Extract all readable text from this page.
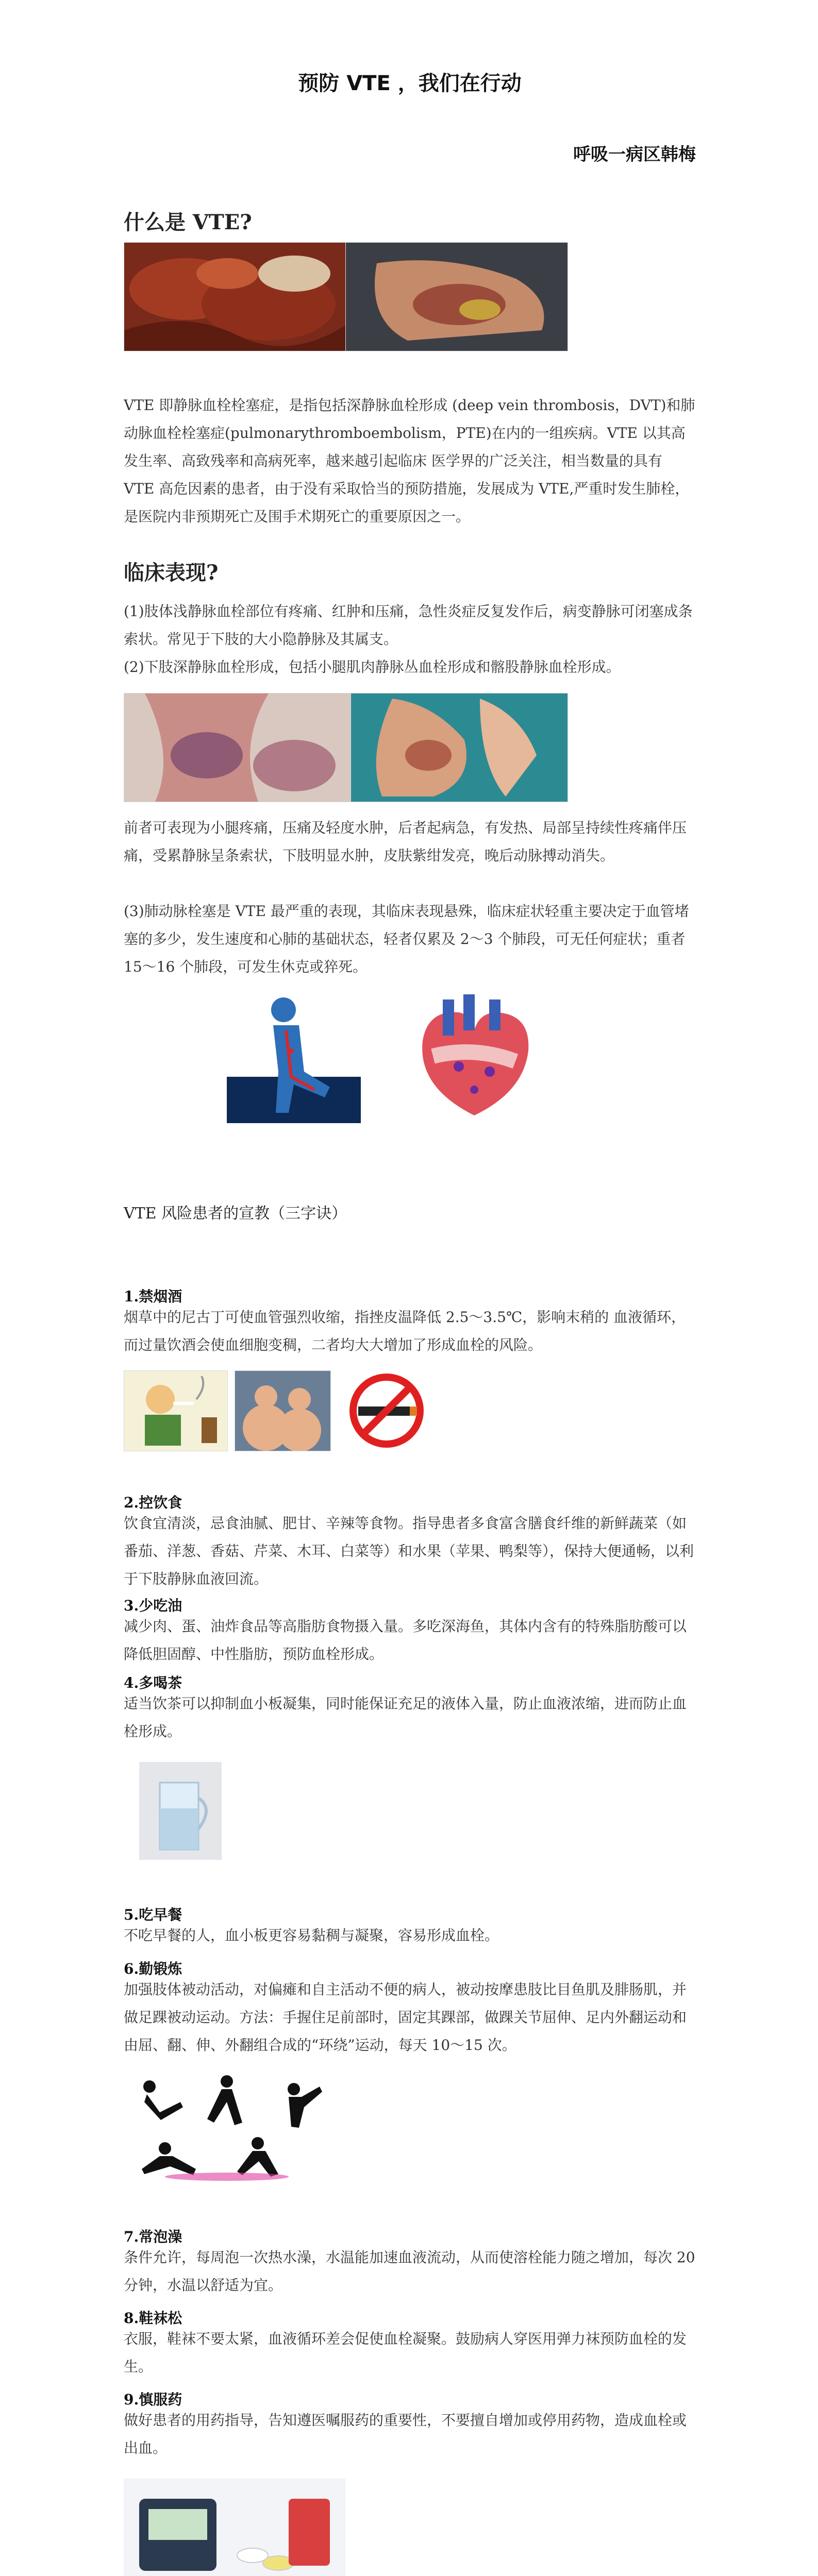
预防 VTE ，我们在行动
呼吸一病区韩梅
什么是 VTE?
VTE 即静脉血栓栓塞症，是指包括深静脉血栓形成 (deep vein thrombosis，DVT)和肺动脉血栓栓塞症(pulmonarythromboembolism，PTE)在内的一组疾病。VTE 以其高发生率、高致残率和高病死率，越来越引起临床 医学界的广泛关注，相当数量的具有 VTE 高危因素的患者，由于没有采取恰当的预防措施，发展成为 VTE,严重时发生肺栓，是医院内非预期死亡及围手术期死亡的重要原因之一。
临床表现?
(1)肢体浅静脉血栓部位有疼痛、红肿和压痛，急性炎症反复发作后，病变静脉可闭塞成条索状。常见于下肢的大小隐静脉及其属支。
(2)下肢深静脉血栓形成，包括小腿肌肉静脉丛血栓形成和髂股静脉血栓形成。
前者可表现为小腿疼痛，压痛及轻度水肿，后者起病急，有发热、局部呈持续性疼痛伴压痛，受累静脉呈条索状，下肢明显水肿，皮肤紫绀发亮，晚后动脉搏动消失。
(3)肺动脉栓塞是 VTE 最严重的表现，其临床表现悬殊，临床症状轻重主要决定于血管堵塞的多少，发生速度和心肺的基础状态，轻者仅累及 2～3 个肺段，可无任何症状；重者 15～16 个肺段，可发生休克或猝死。
VTE 风险患者的宣教（三字诀）
1.禁烟酒
烟草中的尼古丁可使血管强烈收缩，指挫皮温降低 2.5～3.5℃，影响末稍的 血液循环，而过量饮酒会使血细胞变稠，二者均大大增加了形成血栓的风险。
2.控饮食
饮食宜清淡，忌食油腻、肥甘、辛辣等食物。指导患者多食富含膳食纤维的新鲜蔬菜（如番茄、洋葱、香菇、芹菜、木耳、白菜等）和水果（苹果、鸭梨等），保持大便通畅，以利于下肢静脉血液回流。
3.少吃油
减少肉、蛋、油炸食品等高脂肪食物摄入量。多吃深海鱼，其体内含有的特殊脂肪酸可以降低胆固醇、中性脂肪，预防血栓形成。
4.多喝茶
适当饮茶可以抑制血小板凝集，同时能保证充足的液体入量，防止血液浓缩，进而防止血栓形成。
5.吃早餐
不吃早餐的人，血小板更容易黏稠与凝聚，容易形成血栓。
6.勤锻炼
加强肢体被动活动，对偏瘫和自主活动不便的病人，被动按摩患肢比目鱼肌及腓肠肌，并做足踝被动运动。方法：手握住足前部时，固定其踝部，做踝关节屈伸、足内外翻运动和由屈、翻、伸、外翻组合成的“环绕”运动，每天 10～15 次。
7.常泡澡
条件允许，每周泡一次热水澡，水温能加速血液流动，从而使溶栓能力随之增加，每次 20 分钟，水温以舒适为宜。
8.鞋袜松
衣服，鞋袜不要太紧，血液循环差会促使血栓凝聚。鼓励病人穿医用弹力袜预防血栓的发生。
9.慎服药
做好患者的用药指导，告知遵医嘱服药的重要性，不要擅自增加或停用药物，造成血栓或出血。
